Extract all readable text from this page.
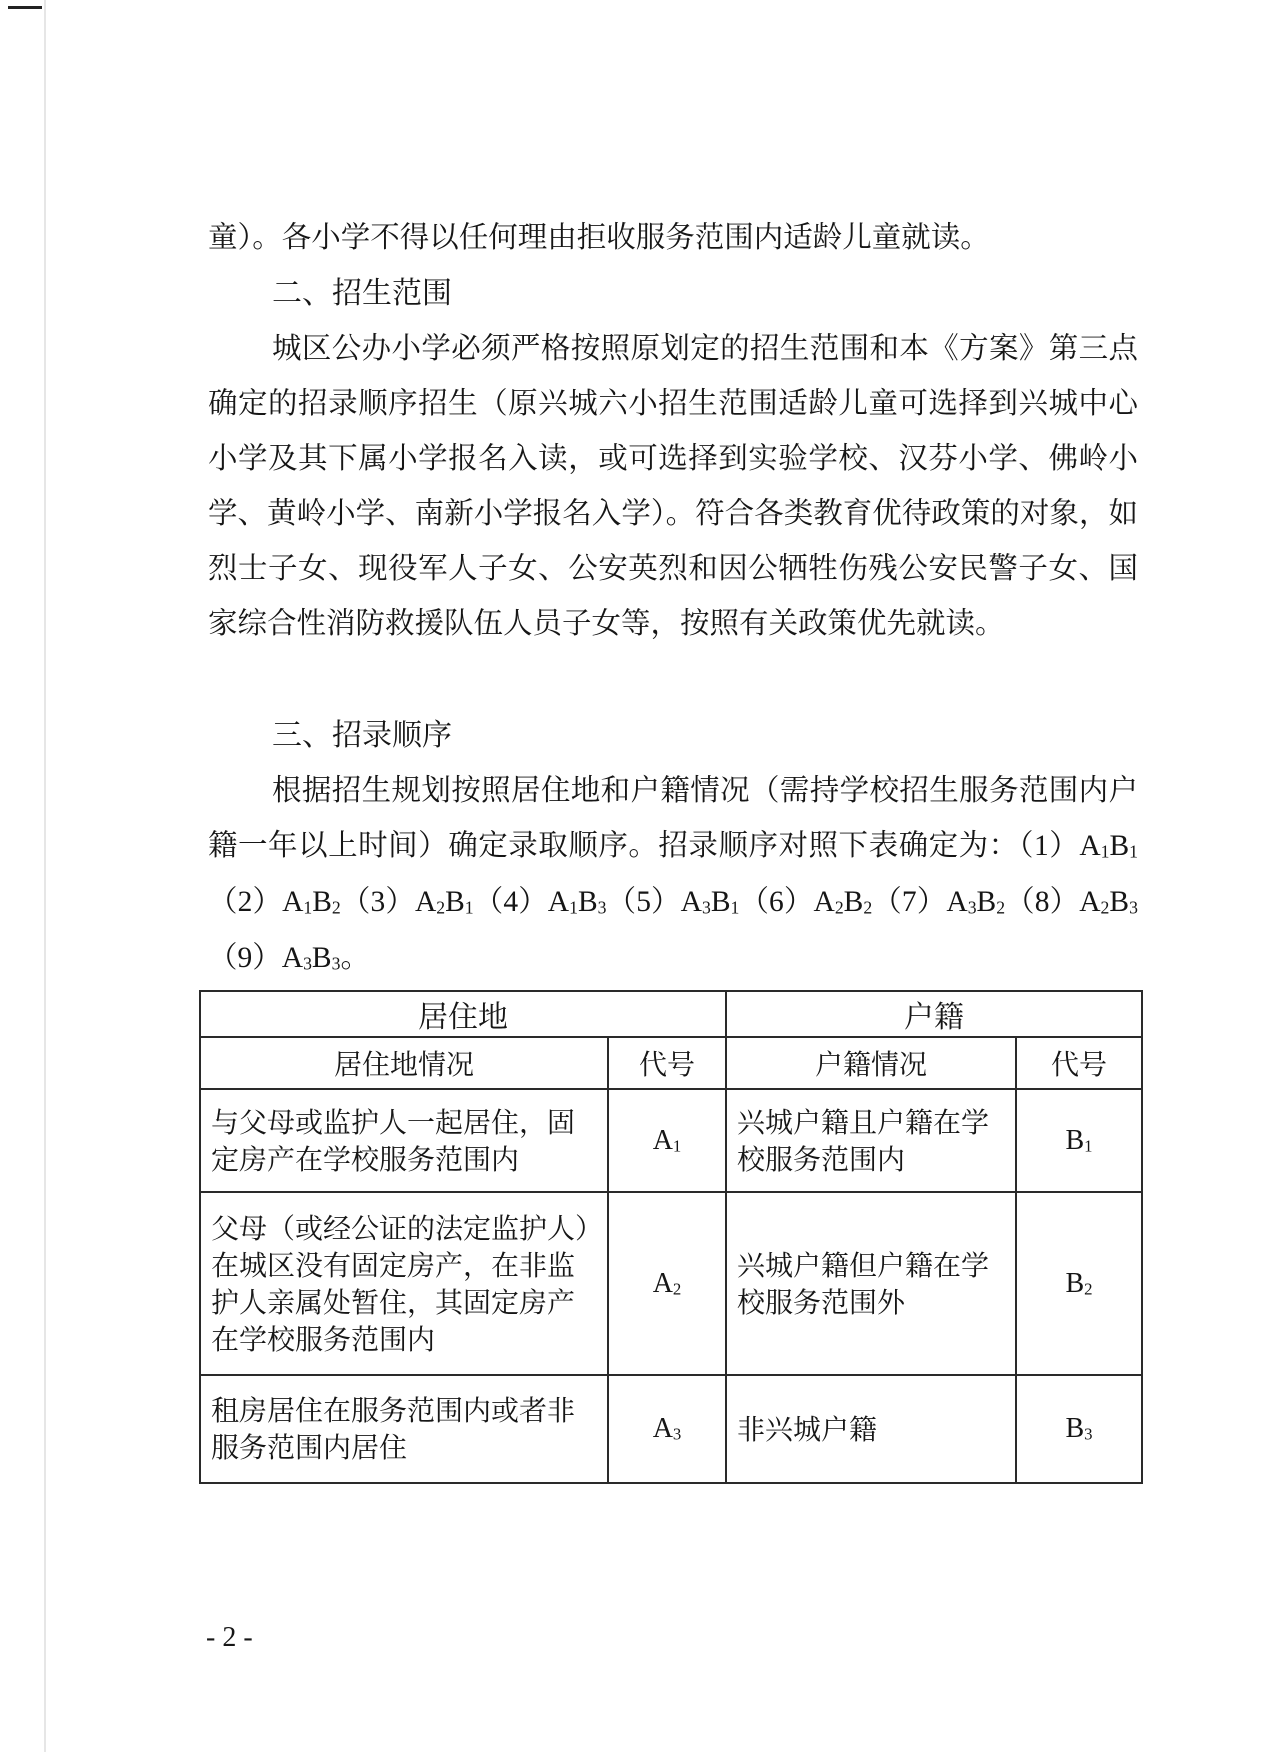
童）。各小学不得以任何理由拒收服务范围内适龄儿童就读。

二、招生范围

城区公办小学必须严格按照原划定的招生范围和本《方案》第三点确定的招录顺序招生（原兴城六小招生范围适龄儿童可选择到兴城中心小学及其下属小学报名入读，或可选择到实验学校、汉芬小学、佛岭小学、黄岭小学、南新小学报名入学）。符合各类教育优待政策的对象，如烈士子女、现役军人子女、公安英烈和因公牺牲伤残公安民警子女、国家综合性消防救援队伍人员子女等，按照有关政策优先就读。

三、招录顺序

根据招生规划按照居住地和户籍情况（需持学校招生服务范围内户籍一年以上时间）确定录取顺序。招录顺序对照下表确定为：$(1)A_1B_1(2)A_1B_2(3)A_2B_1(4)A_1B_3(5)A_3B_1(6)A_2B_2(7)A_3B_2(8)A_2B_3(9)A_3B_3$。

居住地		户籍	
居住地情况	代号	户籍情况	代号
与父母或监护人一起居住，固定房产在学校服务范围内	$A_1$	兴城户籍且户籍在学校服务范围内	$B_1$
父母（或经公证的法定监护人）在城区没有固定房产，在非监护人亲属处暂住，其固定房产在学校服务范围内	$A_2$	兴城户籍但户籍在学校服务范围外	$B_2$
租房居住在服务范围内或者非服务范围内居住	$A_3$	非兴城户籍	$B_3$
- 2 -
